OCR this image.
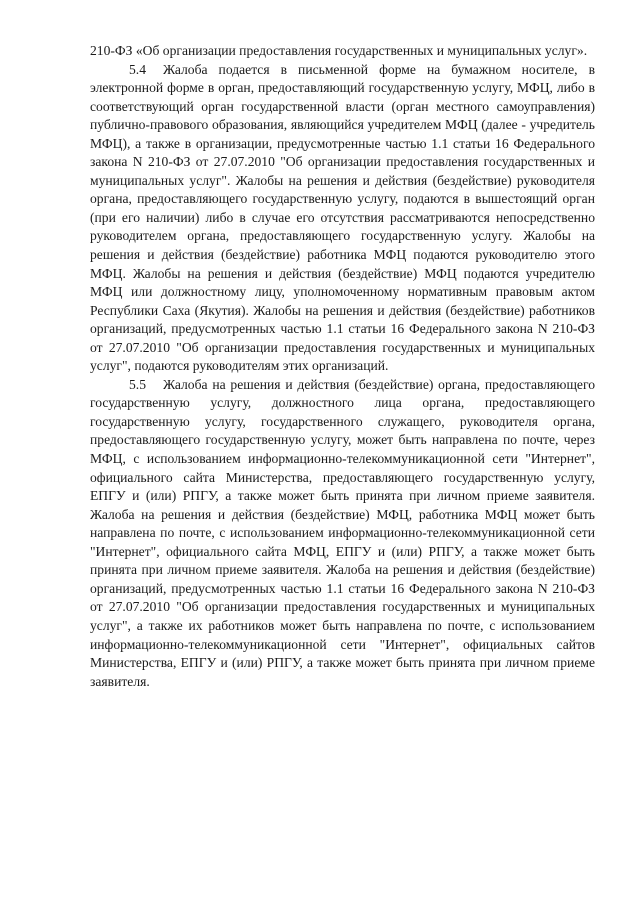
210-ФЗ «Об организации предоставления государственных и муниципальных услуг».

5.4 Жалоба подается в письменной форме на бумажном носителе, в электронной форме в орган, предоставляющий государственную услугу, МФЦ, либо в соответствующий орган государственной власти (орган местного самоуправления) публично-правового образования, являющийся учредителем МФЦ (далее - учредитель МФЦ), а также в организации, предусмотренные частью 1.1 статьи 16 Федерального закона N 210-ФЗ от 27.07.2010 "Об организации предоставления государственных и муниципальных услуг". Жалобы на решения и действия (бездействие) руководителя органа, предоставляющего государственную услугу, подаются в вышестоящий орган (при его наличии) либо в случае его отсутствия рассматриваются непосредственно руководителем органа, предоставляющего государственную услугу. Жалобы на решения и действия (бездействие) работника МФЦ подаются руководителю этого МФЦ. Жалобы на решения и действия (бездействие) МФЦ подаются учредителю МФЦ или должностному лицу, уполномоченному нормативным правовым актом Республики Саха (Якутия). Жалобы на решения и действия (бездействие) работников организаций, предусмотренных частью 1.1 статьи 16 Федерального закона N 210-ФЗ от 27.07.2010 "Об организации предоставления государственных и муниципальных услуг", подаются руководителям этих организаций.

5.5 Жалоба на решения и действия (бездействие) органа, предоставляющего государственную услугу, должностного лица органа, предоставляющего государственную услугу, государственного служащего, руководителя органа, предоставляющего государственную услугу, может быть направлена по почте, через МФЦ, с использованием информационно-телекоммуникационной сети "Интернет", официального сайта Министерства, предоставляющего государственную услугу, ЕПГУ и (или) РПГУ, а также может быть принята при личном приеме заявителя. Жалоба на решения и действия (бездействие) МФЦ, работника МФЦ может быть направлена по почте, с использованием информационно-телекоммуникационной сети "Интернет", официального сайта МФЦ, ЕПГУ и (или) РПГУ, а также может быть принята при личном приеме заявителя. Жалоба на решения и действия (бездействие) организаций, предусмотренных частью 1.1 статьи 16 Федерального закона N 210-ФЗ от 27.07.2010 "Об организации предоставления государственных и муниципальных услуг", а также их работников может быть направлена по почте, с использованием информационно-телекоммуникационной сети "Интернет", официальных сайтов Министерства, ЕПГУ и (или) РПГУ, а также может быть принята при личном приеме заявителя.
